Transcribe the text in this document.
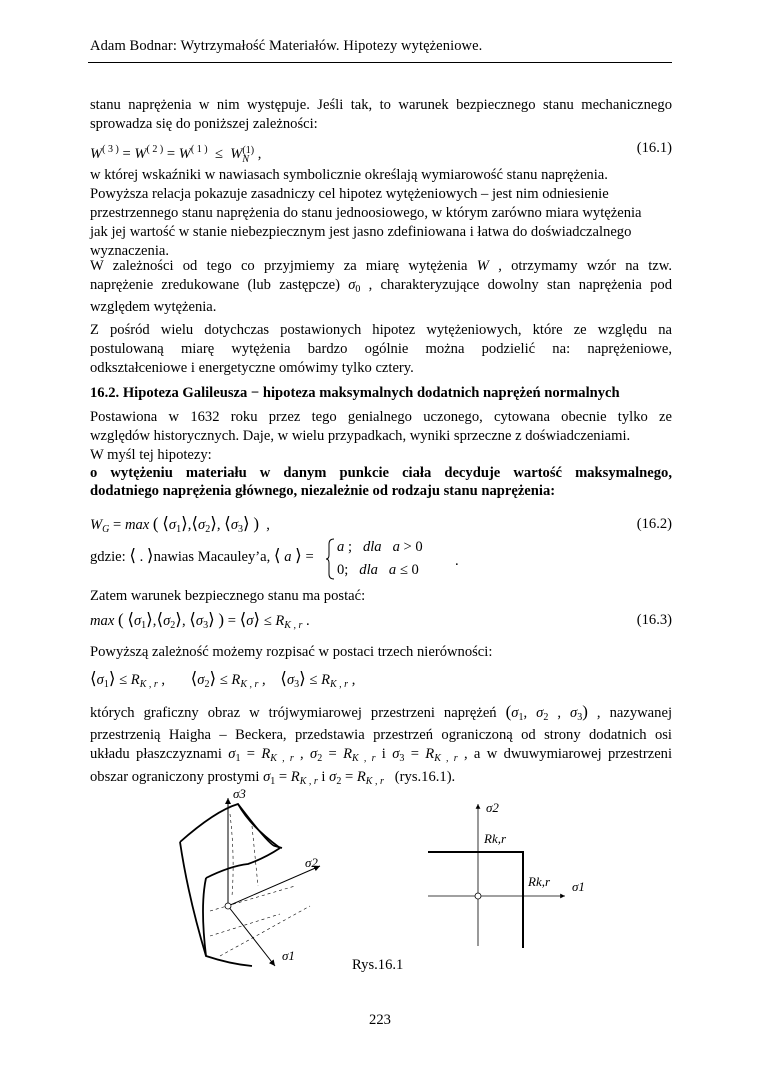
Adam Bodnar: Wytrzymałość Materiałów. Hipotezy wytężeniowe.
stanu naprężenia w nim występuje. Jeśli tak, to warunek bezpiecznego stanu mechanicznego
sprowadza się do poniższej zależności:
$W^{( 3 )} = W^{( 2 )} = W^{( 1 )} \le W$ (1)
N ,	(16.1)
w której wskaźniki w nawiasach symbolicznie określają wymiarowość stanu naprężenia.
Powyższa relacja pokazuje zasadniczy cel hipotez wytężeniowych – jest nim odniesienie
przestrzennego stanu naprężenia do stanu jednoosiowego, w którym zarówno miara wytężenia
jak jej wartość w stanie niebezpiecznym jest jasno zdefiniowana i łatwa do doświadczalnego
wyznaczenia.
W zależności od tego co przyjmiemy za miarę wytężenia W , otrzymamy wzór na tzw.
naprężenie zredukowane (lub zastępcze) $\sigma_0$ , charakteryzujące dowolny stan naprężenia pod
względem wytężenia.
Z pośród wielu dotychczas postawionych hipotez wytężeniowych, które ze względu na
postulowaną miarę wytężenia bardzo ogólnie można podzielić na: naprężeniowe,
odkształceniowe i energetyczne omówimy tylko cztery.
16.2. Hipoteza Galileusza − hipoteza maksymalnych dodatnich naprężeń normalnych
Postawiona w 1632 roku przez tego genialnego uczonego, cytowana obecnie tylko ze
względów historycznych. Daje, w wielu przypadkach, wyniki sprzeczne z doświadczeniami.
W myśl tej hipotezy:
o wytężeniu materiału w danym punkcie ciała decyduje wartość maksymalnego,
dodatniego naprężenia głównego, niezależnie od rodzaju stanu naprężenia:
$W_G = \max$ ( $⟨\sigma_1⟩,⟨\sigma_2⟩$, $⟨\sigma_3⟩$ )  ,	(16.2)
gdzie: ⟨ . ⟩nawias Macauley’a, ⟨ a ⟩ =
a ;   dla a > 0
0;   dla a ≤ 0
.
Zatem warunek bezpiecznego stanu ma postać:
max ( $⟨\sigma_1⟩,⟨\sigma_2⟩$, $⟨\sigma_3⟩$ ) = ⟨σ⟩ ≤ $R_{K , r}$ .	(16.3)
Powyższą zależność możemy rozpisać w postaci trzech nierówności:
$⟨\sigma_1⟩ \le R_{K , r}$ ,       $⟨\sigma_2⟩ \le R_{K , r}$ ,    $⟨\sigma_3⟩ \le R_{K , r}$ ,
których graficzny obraz w trójwymiarowej przestrzeni naprężeń ($\sigma_1$, $\sigma_2$ , $\sigma_3$) , nazywanej
przestrzenią Haigha – Beckera, przedstawia przestrzeń ograniczoną od strony dodatnich osi
układu płaszczyznami $\sigma_1 = R_{K , r}$ , $\sigma_2 = R_{K , r}$ i $\sigma_3 = R_{K , r}$ , a w dwuwymiarowej przestrzeni
obszar ograniczony prostymi $\sigma_1 = R_{K , r}$ i $\sigma_2 = R_{K , r}$   (rys.16.1).
σ3
σ2
σ1
σ2
σ1
Rk,r
Rk,r
Rys.16.1
223
